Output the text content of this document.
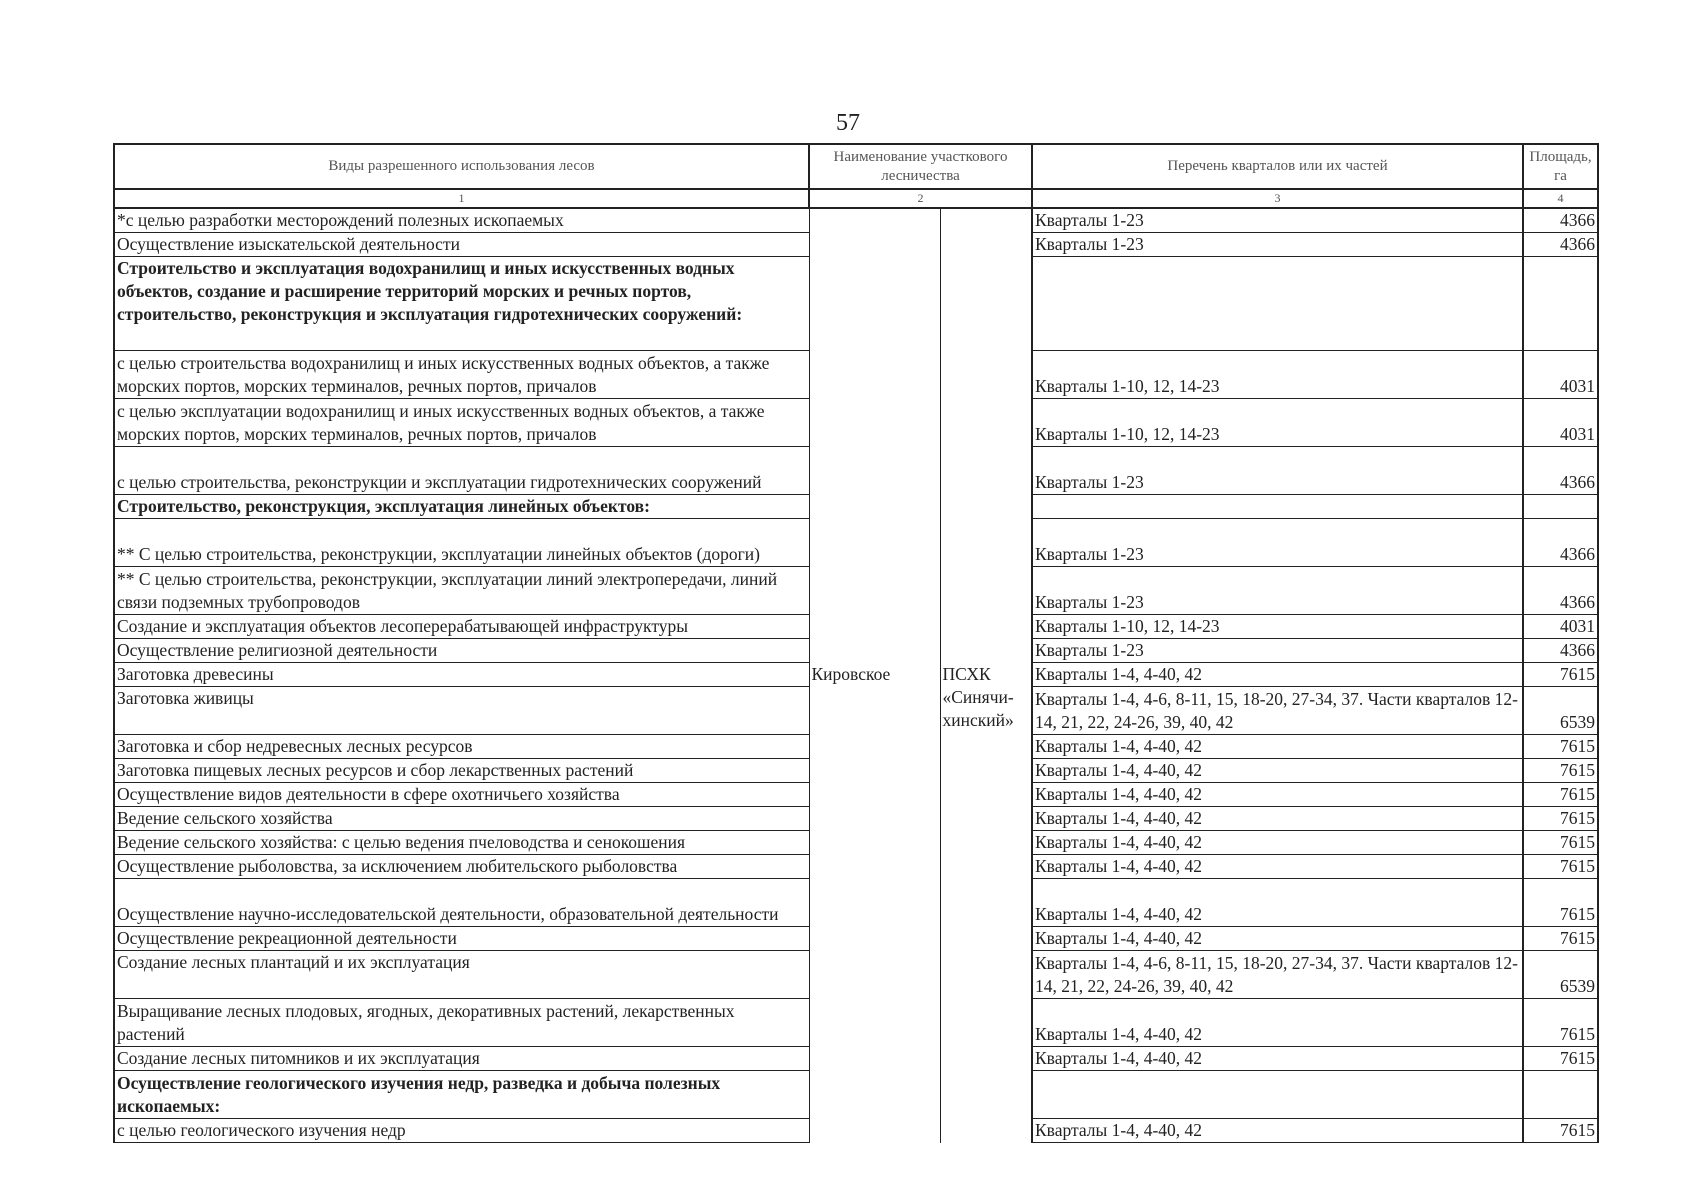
57
Виды разрешенного использования лесов	Наименование участкового лесничества		Перечень кварталов или их частей	Площадь, га
1	2		3	4
*с целью разработки месторождений полезных ископаемых			Кварталы 1-23	4366
Осуществление изыскательской деятельности			Кварталы 1-23	4366
Строительство и эксплуатация водохранилищ и иных искусственных водных объектов, создание и расширение территорий морских и речных портов, строительство, реконструкция и эксплуатация гидротехнических сооружений:				
с целью строительства водохранилищ и иных искусственных водных объектов, а также морских портов, морских терминалов, речных портов, причалов			Кварталы 1-10, 12, 14-23	4031
с целью эксплуатации водохранилищ и иных искусственных водных объектов, а также морских портов, морских терминалов, речных портов, причалов			Кварталы 1-10, 12, 14-23	4031
с целью строительства, реконструкции и эксплуатации гидротехнических сооружений			Кварталы 1-23	4366
Строительство, реконструкция, эксплуатация линейных объектов:				
** С целью строительства, реконструкции, эксплуатации линейных объектов (дороги)			Кварталы 1-23	4366
** С целью строительства, реконструкции, эксплуатации линий электропередачи, линий связи подземных трубопроводов			Кварталы 1-23	4366
Создание и эксплуатация объектов лесоперерабатывающей инфраструктуры			Кварталы 1-10, 12, 14-23	4031
Осуществление религиозной деятельности			Кварталы 1-23	4366
Заготовка древесины	Кировское	ПСХК «Синячи-хинский»	Кварталы 1-4, 4-40, 42	7615
Заготовка живицы			Кварталы 1-4, 4-6, 8-11, 15, 18-20, 27-34, 37. Части кварталов 12-14, 21, 22, 24-26, 39, 40, 42	6539
Заготовка и сбор недревесных лесных ресурсов			Кварталы 1-4, 4-40, 42	7615
Заготовка пищевых лесных ресурсов и сбор лекарственных растений			Кварталы 1-4, 4-40, 42	7615
Осуществление видов деятельности в сфере охотничьего хозяйства			Кварталы 1-4, 4-40, 42	7615
Ведение сельского хозяйства			Кварталы 1-4, 4-40, 42	7615
Ведение сельского хозяйства: с целью ведения пчеловодства и сенокошения			Кварталы 1-4, 4-40, 42	7615
Осуществление рыболовства, за исключением любительского рыболовства			Кварталы 1-4, 4-40, 42	7615
Осуществление научно-исследовательской деятельности, образовательной деятельности			Кварталы 1-4, 4-40, 42	7615
Осуществление рекреационной деятельности			Кварталы 1-4, 4-40, 42	7615
Создание лесных плантаций и их эксплуатация			Кварталы 1-4, 4-6, 8-11, 15, 18-20, 27-34, 37. Части кварталов 12-14, 21, 22, 24-26, 39, 40, 42	6539
Выращивание лесных плодовых, ягодных, декоративных растений, лекарственных растений			Кварталы 1-4, 4-40, 42	7615
Создание лесных питомников и их эксплуатация			Кварталы 1-4, 4-40, 42	7615
Осуществление геологического изучения недр, разведка и добыча полезных ископаемых:				
с целью геологического изучения недр			Кварталы 1-4, 4-40, 42	7615
